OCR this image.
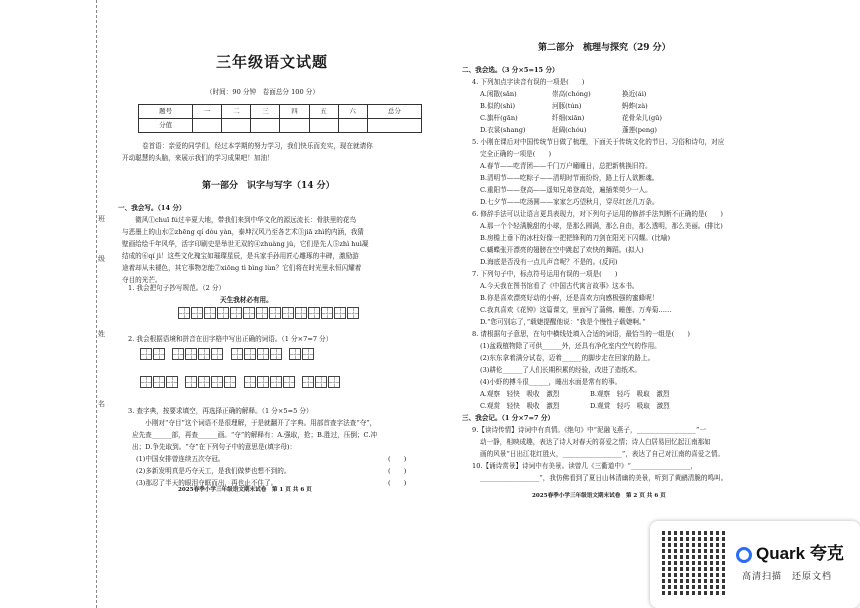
班
级
姓
名
三年级语文试题
（时间：90 分钟　卷面总分 100 分）
题号	一	二	三	四	五	六	总分
分值							
卷首语：亲爱的同学们，经过本学期的努力学习，我们快乐而充实，现在就请你
开动聪慧的头脑，来展示我们的学习成果吧！加油！
第一部分　识字与写字（14 分）
一、我会写。（14 分）
　　微风①chuī fú过辛夏大地，带我们来到中华文化的源远流长：骨肤里的花鸟
与恶墨上的山水②zhēng qí dòu yàn，泰坤汉风乃至各艺术③jiā zhì的内涵，我猜
壁画给绘千年风华，活字印刷史是举世无双的④zhuàng jǔ，它们是先人⑤zhì huì凝
结成的⑥qí jì！这些文化瑰宝如璀璨星辰，是兵家手孙用匠心雕琢的丰碑，激励游
途着却从未褪色，其它事物怎能⑦xiōng tì bìng lùn？它们将在时光里永恒闪耀着
夺目的光芒。
1. 我会把句子抄写规范。（2 分）
天生我材必有用。
2. 我会根据语境和拼音在田字格中写出正确的词语。（1 分×7=7 分）

3. 查字典，按要求填空，再选择正确的解释。（1 分×5=5 分）
　　小刚对“夺目”这个词语不是很理解，于是就翻开了字典。用部首查字法查“夺”，
应先查______部，再查______画。“夺”的解释有：A.强取，抢；B.胜过，压倒；C.冲
出；D.争先取到。“夺”在下列句子中的意思是(填字母)：
(1)中国女排曾连续五次夺冠。	(　　)
(2)多新发明真是巧夺天工，是我们做梦也想不到的。	(　　)
(3)那忍了半天的眼泪夺眶而出，再也止不住了。	(　　)
2025春季小学三年级语文期末试卷　第 1 页 共 6 页
第二部分　梳理与探究（29 分）
二、我会选。（3 分×5=15 分）
4. 下列加点字读音有误的一项是(　　)
A.闲散(sǎn)	崇高(chóng)	换近(ái)
B.似的(shì)	河豚(tún)	蚂蚱(zà)
C.旗杆(gān)	纤细(xiān)	花骨朵儿(gū)
D.衣裳(shang)	赶阔(chóu)	蓬莲(peng)
5. 小刚在课后对中国传统节日做了梳理，下面关于传统文化的节日、习俗和诗句，对应
完全正确的一项是(　　)
A.春节——吃青团——千门万户曈曈日，总把新桃换旧符。
B.清明节——吃粽子——清明时节雨纷纷，路上行人欲断魂。
C.重阳节——登高——遥知兄弟登高处，遍插茱萸少一人。
D.七夕节——吃汤圆——家家乞巧望秋月，穿尽红丝几万条。
6. 修辞手法可以让语言更具表现力，对下列句子运用的修辞手法判断不正确的是(　　)
A.那一个个轻满脆甜的小球，是那么圆满，那么自由，那么透明，那么美丽。(排比)
B.房檐上垂下的冰柱好像一把把锋利的刀剑在阳光下闪耀。(比喻)
C.蝴蝶张开漂亮的翅膀在空中跳起了欢快的舞蹈。(拟人)
D.海底是否没有一点儿声音呢？不是的。(反问)
7. 下列句子中，标点符号运用有误的一项是(　　)
A.今天我在图书馆看了《中国古代寓言故事》这本书。
B.你是喜欢漂亮好动的小鲜，还是喜欢方向感极强的蜜蜂呢！
C.我真喜欢《花钟》这篇课文，里面写了蒲佛、睡莲、万寿菊……
D.“您可别忘了，”载婕提醒他说：“我是个慢性子载婕啊。”
8. 请根据句子意思，在句中横线处填入合适的词语，最恰当的一组是(　　)
(1)盆栽植物除了可供______外，还具有净化室内空气的作用。
(2)东东拿着满分试卷，迈着______的脚步走在回家的路上。
(3)耕伦______了人们长期积累的经验，改进了造纸术。
(4)小虾的搏斗很______，睡出水面是常有的事。
A.观察　轻快　吸收　激烈	B.观察　轻巧　吸取　激烈
C.观赏　轻快　吸收　激烈	D.观赏　轻巧　吸取　激烈
三、我会记。（1 分×7=7 分）
9.【读诗传情】诗词中有真情。《绝句》中“泥融飞燕子，__________________”一
动一静，相映成趣，表达了诗人对春天的喜爱之情；诗人白居易回忆起江南那如
画的风景“日出江花红胜火，__________________”，表达了自己对江南的喜爱之情。
10.【诵诗赏景】诗词中有美景。读曾几《三衢道中》“__________________，
__________________”，我仿佛看到了夏日山林清幽的美景，听到了黄鹂清脆的鸣叫。
2025春季小学三年级语文期末试卷　第 2 页 共 6 页
Quark 夸克
高清扫描　还原文档
